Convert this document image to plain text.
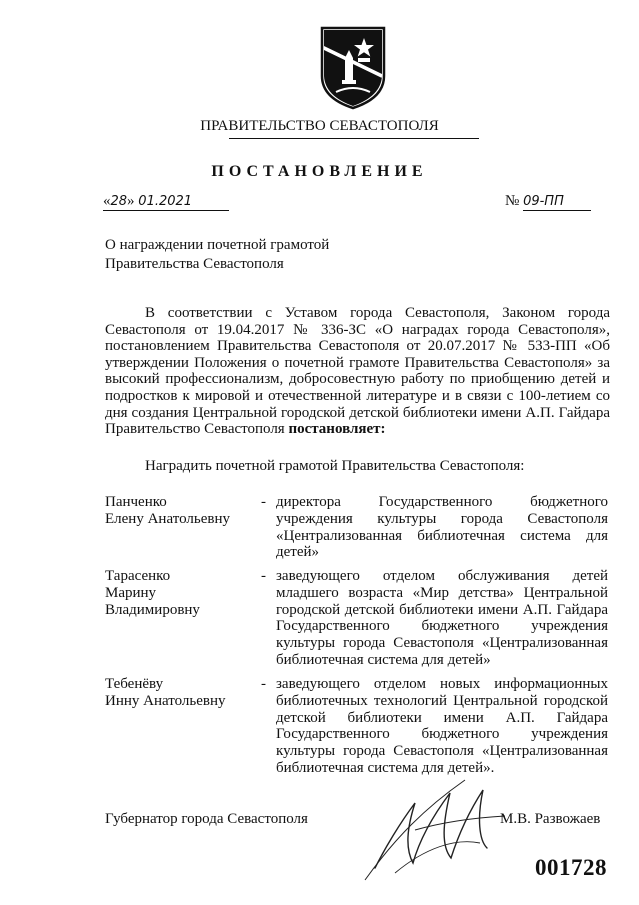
ПРАВИТЕЛЬСТВО СЕВАСТОПОЛЯ
ПОСТАНОВЛЕНИЕ
«28» 01.2021	№ 09-ПП
О награждении почетной грамотой
Правительства Севастополя
В соответствии с Уставом города Севастополя, Законом города Севастополя от 19.04.2017 № 336-ЗС «О наградах города Севастополя», постановлением Правительства Севастополя от 20.07.2017 № 533-ПП «Об утверждении Положения о почетной грамоте Правительства Севастополя» за высокий профессионализм, добросовестную работу по приобщению детей и подростков к мировой и отечественной литературе и в связи с 100-летием со дня создания Центральной городской детской библиотеки имени А.П. Гайдара Правительство Севастополя постановляет:
Наградить почетной грамотой Правительства Севастополя:
Панченко
Елену Анатольевну
- директора Государственного бюджетного учреждения культуры города Севастополя «Централизованная библиотечная система для детей»
Тарасенко
Марину
Владимировну
- заведующего отделом обслуживания детей младшего возраста «Мир детства» Центральной городской детской библиотеки имени А.П. Гайдара Государственного бюджетного учреждения культуры города Севастополя «Централизованная библиотечная система для детей»
Тебенёву
Инну Анатольевну
- заведующего отделом новых информационных библиотечных технологий Центральной городской детской библиотеки имени А.П. Гайдара Государственного бюджетного учреждения культуры города Севастополя «Централизованная библиотечная система для детей».
Губернатор города Севастополя	М.В. Развожаев
001728
